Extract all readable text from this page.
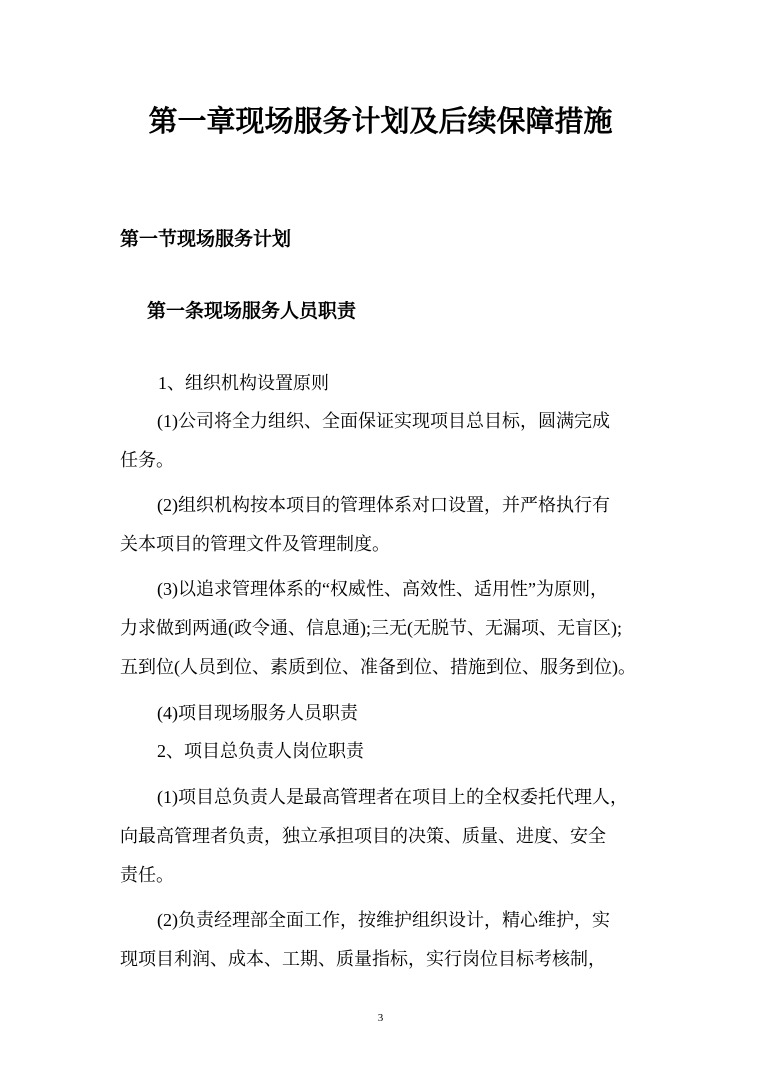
第一章现场服务计划及后续保障措施
第一节现场服务计划
第一条现场服务人员职责
1、组织机构设置原则
(1)公司将全力组织、全面保证实现项目总目标，圆满完成
任务。
(2)组织机构按本项目的管理体系对口设置，并严格执行有
关本项目的管理文件及管理制度。
(3)以追求管理体系的“权威性、高效性、适用性”为原则，
力求做到两通(政令通、信息通);三无(无脱节、无漏项、无盲区);
五到位(人员到位、素质到位、准备到位、措施到位、服务到位)。
(4)项目现场服务人员职责
2、项目总负责人岗位职责
(1)项目总负责人是最高管理者在项目上的全权委托代理人，
向最高管理者负责，独立承担项目的决策、质量、进度、安全
责任。
(2)负责经理部全面工作，按维护组织设计，精心维护，实
现项目利润、成本、工期、质量指标，实行岗位目标考核制，
3
